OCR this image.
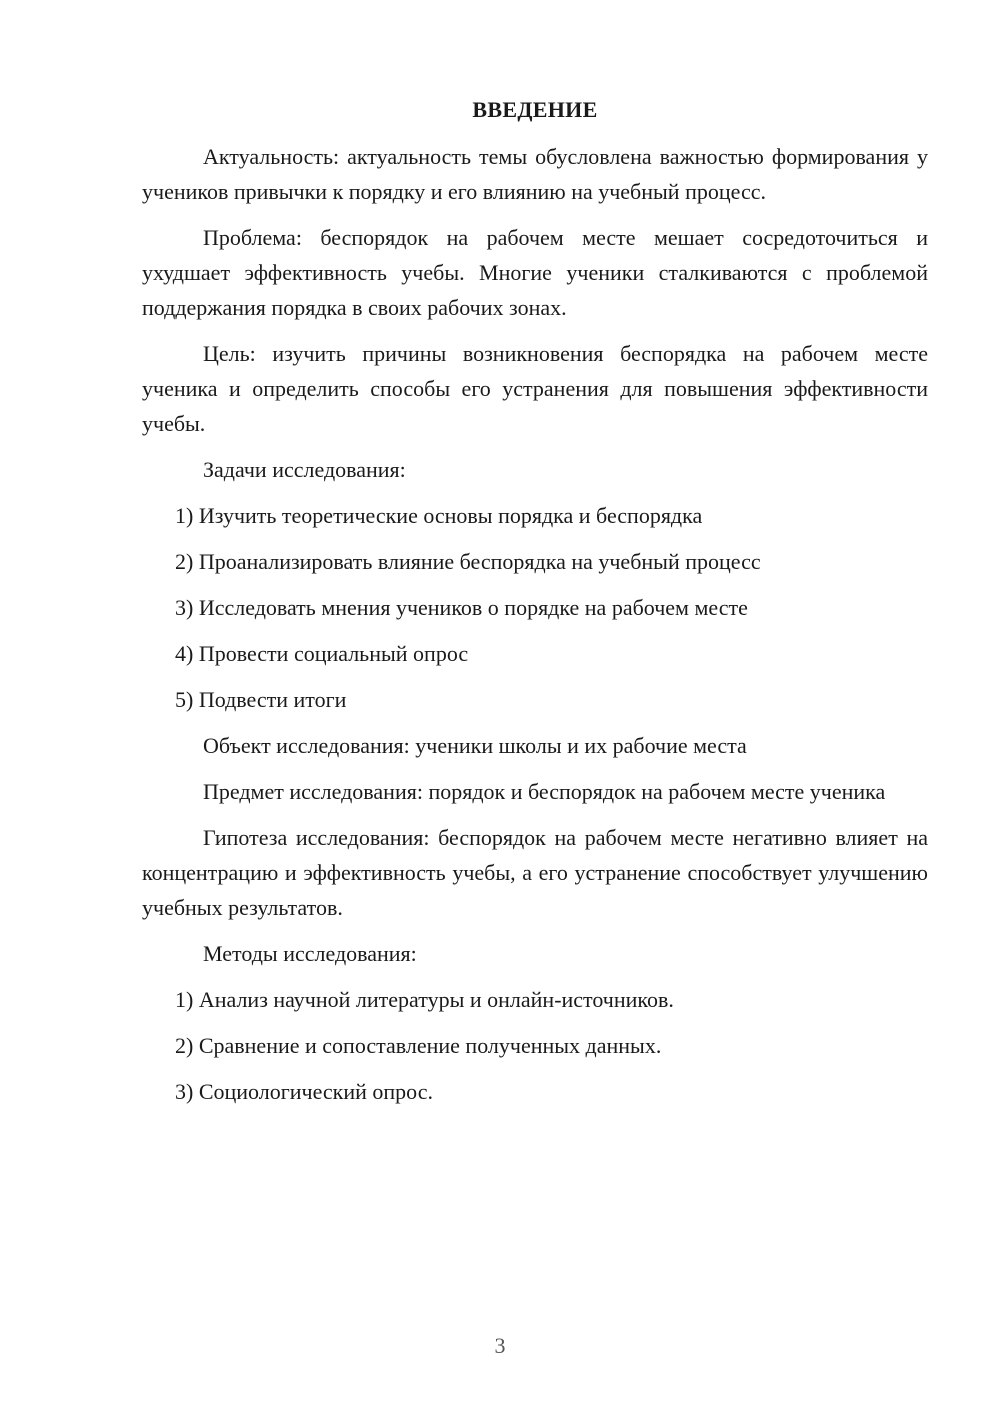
ВВЕДЕНИЕ

Актуальность: актуальность темы обусловлена важностью формирования у учеников привычки к порядку и его влиянию на учебный процесс.

Проблема: беспорядок на рабочем месте мешает сосредоточиться и ухудшает эффективность учебы. Многие ученики сталкиваются с проблемой поддержания порядка в своих рабочих зонах.

Цель: изучить причины возникновения беспорядка на рабочем месте ученика и определить способы его устранения для повышения эффективности учебы.

Задачи исследования:

1) Изучить теоретические основы порядка и беспорядка

2) Проанализировать влияние беспорядка на учебный процесс

3) Исследовать мнения учеников о порядке на рабочем месте

4) Провести социальный опрос

5) Подвести итоги

Объект исследования: ученики школы и их рабочие места

Предмет исследования: порядок и беспорядок на рабочем месте ученика

Гипотеза исследования: беспорядок на рабочем месте негативно влияет на концентрацию и эффективность учебы, а его устранение способствует улучшению учебных результатов.

Методы исследования:

1) Анализ научной литературы и онлайн-источников.

2) Сравнение и сопоставление полученных данных.

3) Социологический опрос.

3
